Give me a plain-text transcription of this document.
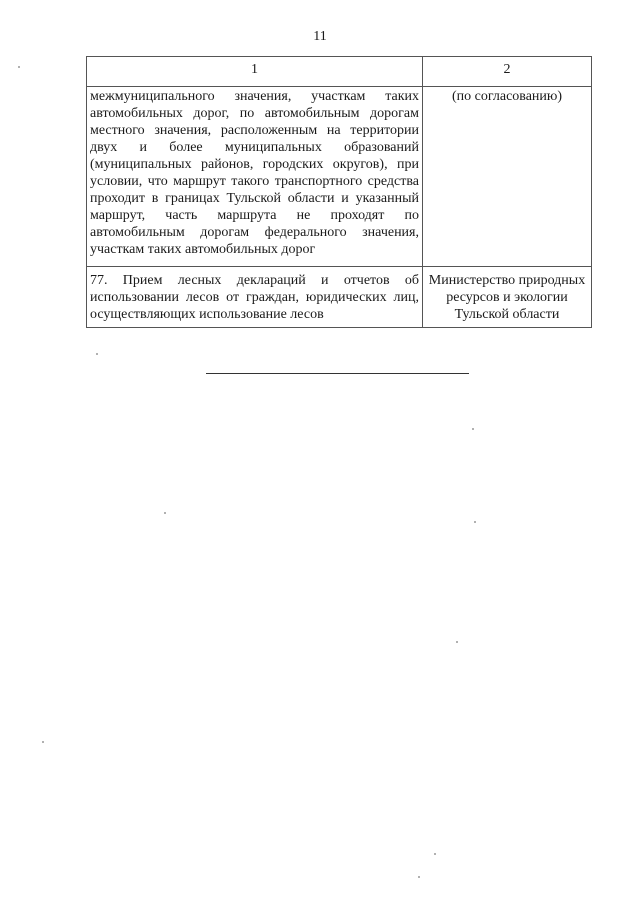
11
1	2
межмуниципального значения, участкам таких автомобильных дорог, по автомобильным дорогам местного значения, расположенным на территории двух и более муниципальных образований (муниципальных районов, городских округов), при условии, что маршрут такого транспортного средства проходит в границах Тульской области и указанный маршрут, часть маршрута не проходят по автомобильным дорогам федерального значения, участкам таких автомобильных дорог	(по согласованию)
77. Прием лесных деклараций и отчетов об использовании лесов от граждан, юридических лиц, осуществляющих использование лесов	Министерство природных ресурсов и экологии Тульской области
